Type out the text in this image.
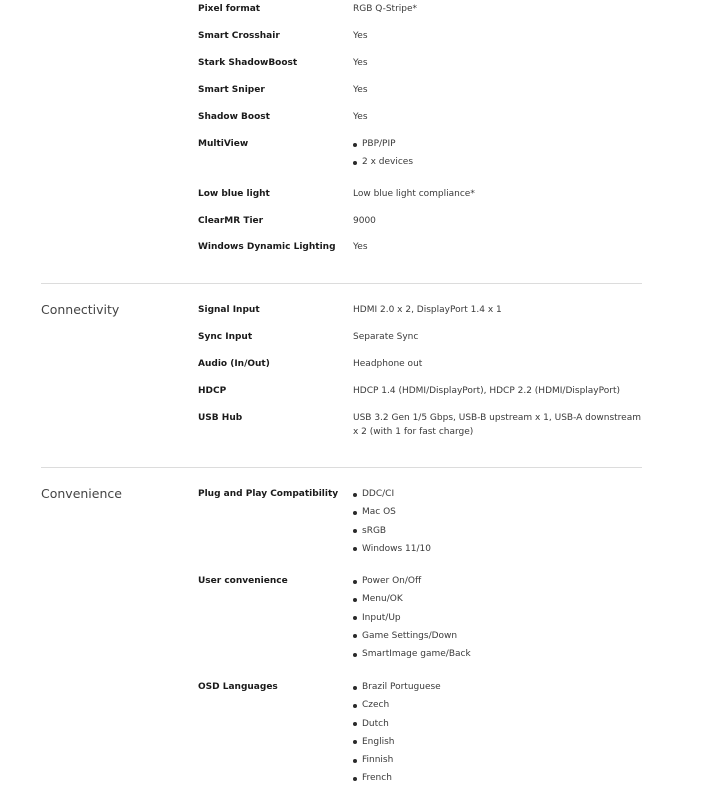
Pixel format	RGB Q-Stripe*
Smart Crosshair	Yes
Stark ShadowBoost	Yes
Smart Sniper	Yes
Shadow Boost	Yes
MultiView	PBP/PIP
2 x devices
Low blue light	Low blue light compliance*
ClearMR Tier	9000
Windows Dynamic Lighting Yes
Connectivity	Signal Input	HDMI 2.0 x 2, DisplayPort 1.4 x 1
Sync Input	Separate Sync
Audio (In/Out)	Headphone out
HDCP	HDCP 1.4 (HDMI/DisplayPort), HDCP 2.2 (HDMI/DisplayPort)
USB Hub	USB 3.2 Gen 1/5 Gbps, USB-B upstream x 1, USB-A downstream x 2 (with 1 for fast charge)
Convenience	Plug and Play Compatibility	DDC/CI
Mac OS
sRGB
Windows 11/10
User convenience	Power On/Off
Menu/OK
Input/Up
Game Settings/Down
SmartImage game/Back
OSD Languages	Brazil Portuguese
Czech
Dutch
English
Finnish
French
